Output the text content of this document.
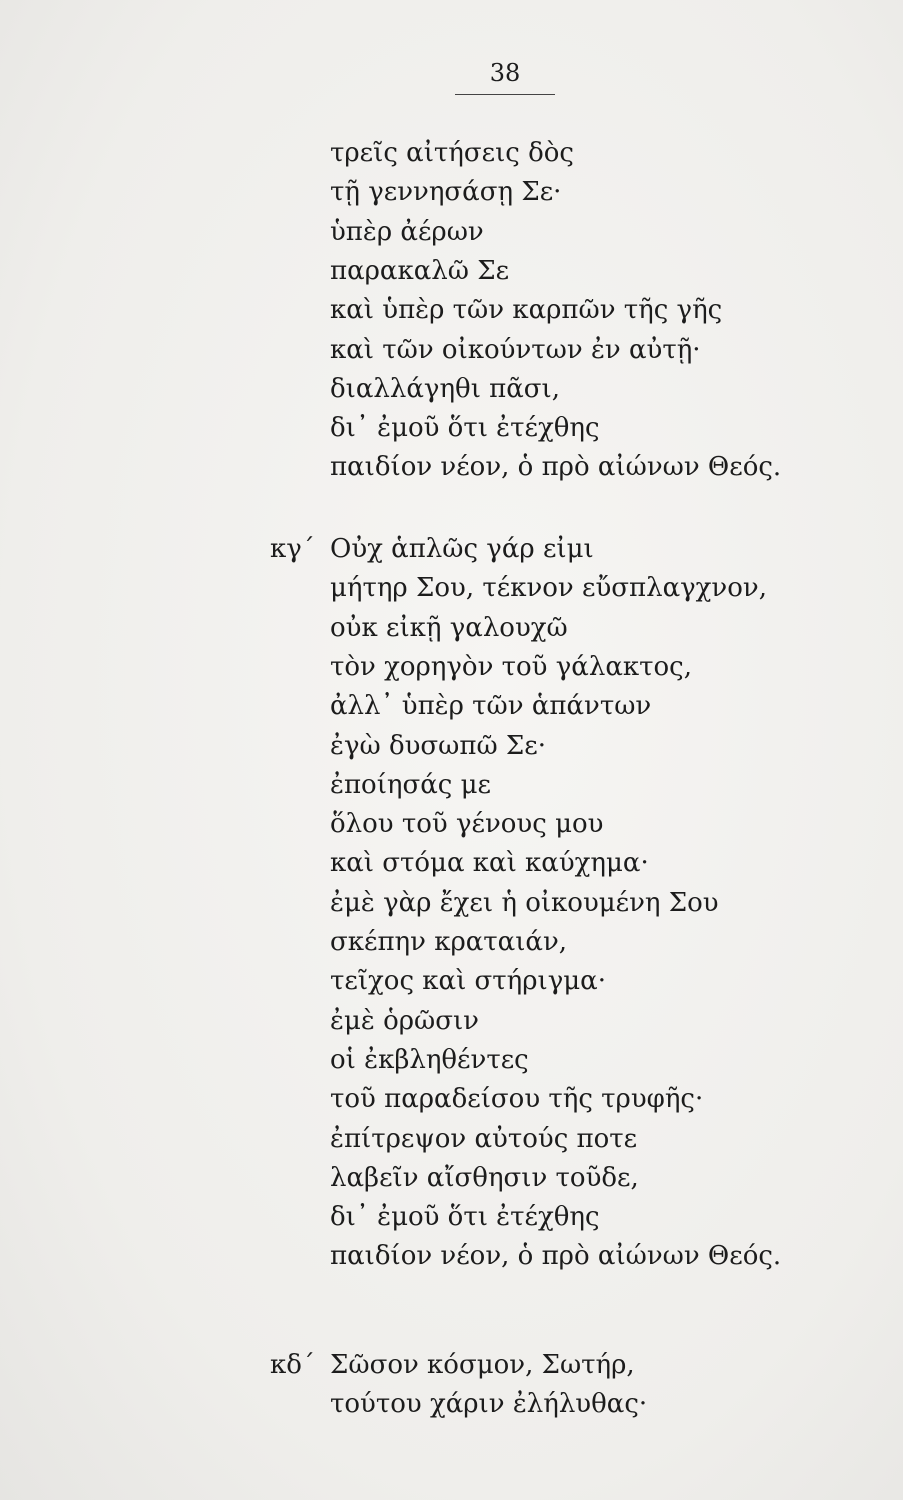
38
τρεῖς αἰτήσεις δὸς
τῇ γεννησάσῃ Σε·
ὑπὲρ ἀέρων
παρακαλῶ Σε
καὶ ὑπὲρ τῶν καρπῶν τῆς γῆς
καὶ τῶν οἰκούντων ἐν αὐτῇ·
διαλλάγηθι πᾶσι,
δι᾿ ἐμοῦ ὅτι ἐτέχθης
παιδίον νέον, ὁ πρὸ αἰώνων Θεός.
κγ΄ Οὐχ ἁπλῶς γάρ εἰμι
μήτηρ Σου, τέκνον εὔσπλαγχνον,
οὐκ εἰκῇ γαλουχῶ
τὸν χορηγὸν τοῦ γάλακτος,
ἀλλ᾿ ὑπὲρ τῶν ἁπάντων
ἐγὼ δυσωπῶ Σε·
ἐποίησάς με
ὅλου τοῦ γένους μου
καὶ στόμα καὶ καύχημα·
ἐμὲ γὰρ ἔχει ἡ οἰκουμένη Σου
σκέπην κραταιάν,
τεῖχος καὶ στήριγμα·
ἐμὲ ὁρῶσιν
οἱ ἐκβληθέντες
τοῦ παραδείσου τῆς τρυφῆς·
ἐπίτρεψον αὐτούς ποτε
λαβεῖν αἴσθησιν τοῦδε,
δι᾿ ἐμοῦ ὅτι ἐτέχθης
παιδίον νέον, ὁ πρὸ αἰώνων Θεός.
κδ΄ Σῶσον κόσμον, Σωτήρ,
τούτου χάριν ἐλήλυθας·
